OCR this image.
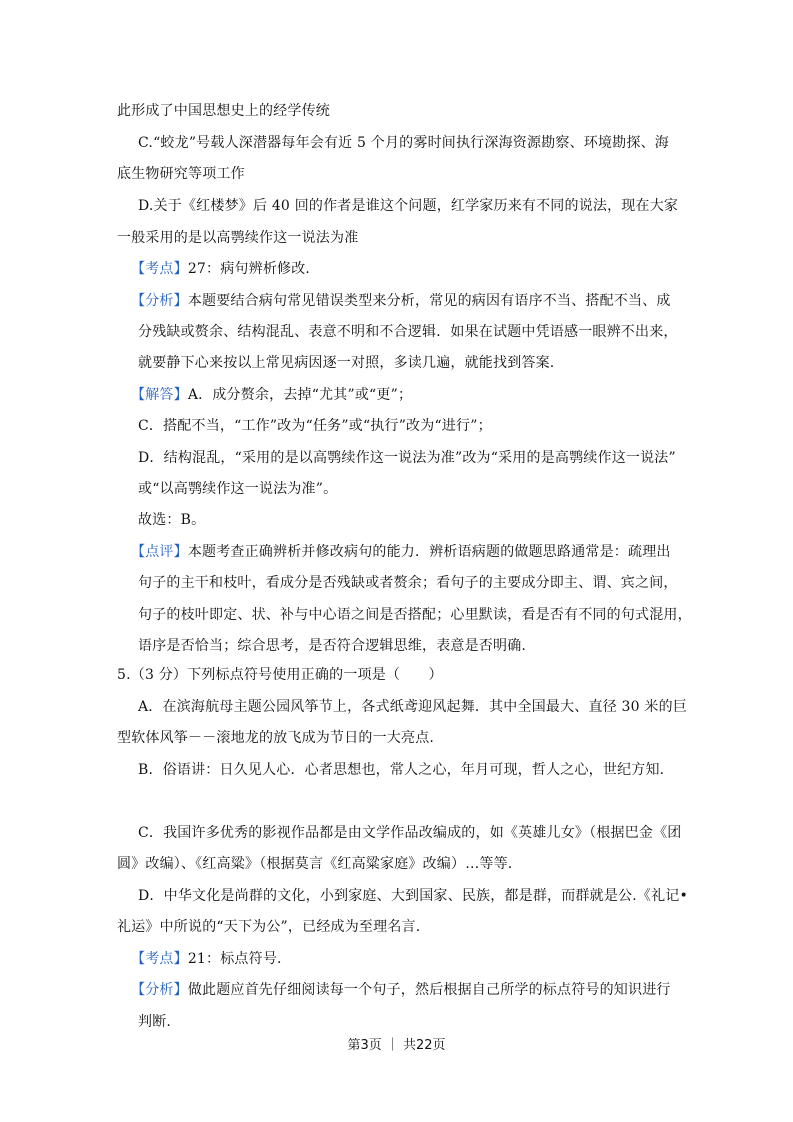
此形成了中国思想史上的经学传统
C.“蛟龙”号载人深潜器每年会有近 5 个月的雾时间执行深海资源勘察、环境勘探、海
底生物研究等项工作
D.关于《红楼梦》后 40 回的作者是谁这个问题，红学家历来有不同的说法，现在大家
一般采用的是以高鹗续作这一说法为准
【考点】27：病句辨析修改.
【分析】本题要结合病句常见错误类型来分析，常见的病因有语序不当、搭配不当、成
分残缺或赘余、结构混乱、表意不明和不合逻辑．如果在试题中凭语感一眼辨不出来，
就要静下心来按以上常见病因逐一对照，多读几遍，就能找到答案.
【解答】A．成分赘余，去掉“尤其”或“更”；
C．搭配不当，“工作”改为“任务”或“执行”改为“进行”；
D．结构混乱，“采用的是以高鹗续作这一说法为准”改为“采用的是高鹗续作这一说法”
或“以高鹗续作这一说法为准”。
故选：B。
【点评】本题考查正确辨析并修改病句的能力．辨析语病题的做题思路通常是：疏理出
句子的主干和枝叶，看成分是否残缺或者赘余；看句子的主要成分即主、谓、宾之间，
句子的枝叶即定、状、补与中心语之间是否搭配；心里默读，看是否有不同的句式混用，
语序是否恰当；综合思考，是否符合逻辑思维，表意是否明确.
5.（3 分）下列标点符号使用正确的一项是（　　）
A．在滨海航母主题公园风筝节上，各式纸鸢迎风起舞．其中全国最大、直径 30 米的巨
型软体风筝－－滚地龙的放飞成为节日的一大亮点.
B．俗语讲：日久见人心．心者思想也，常人之心，年月可现，哲人之心，世纪方知.
C．我国许多优秀的影视作品都是由文学作品改编成的，如《英雄儿女》（根据巴金《团
圆》改编）、《红高粱》（根据莫言《红高粱家庭》改编）…等等.
D．中华文化是尚群的文化，小到家庭、大到国家、民族，都是群，而群就是公.《礼记•
礼运》中所说的“天下为公”，已经成为至理名言.
【考点】21：标点符号.
【分析】做此题应首先仔细阅读每一个句子，然后根据自己所学的标点符号的知识进行
判断.
第3页 ｜ 共22页
